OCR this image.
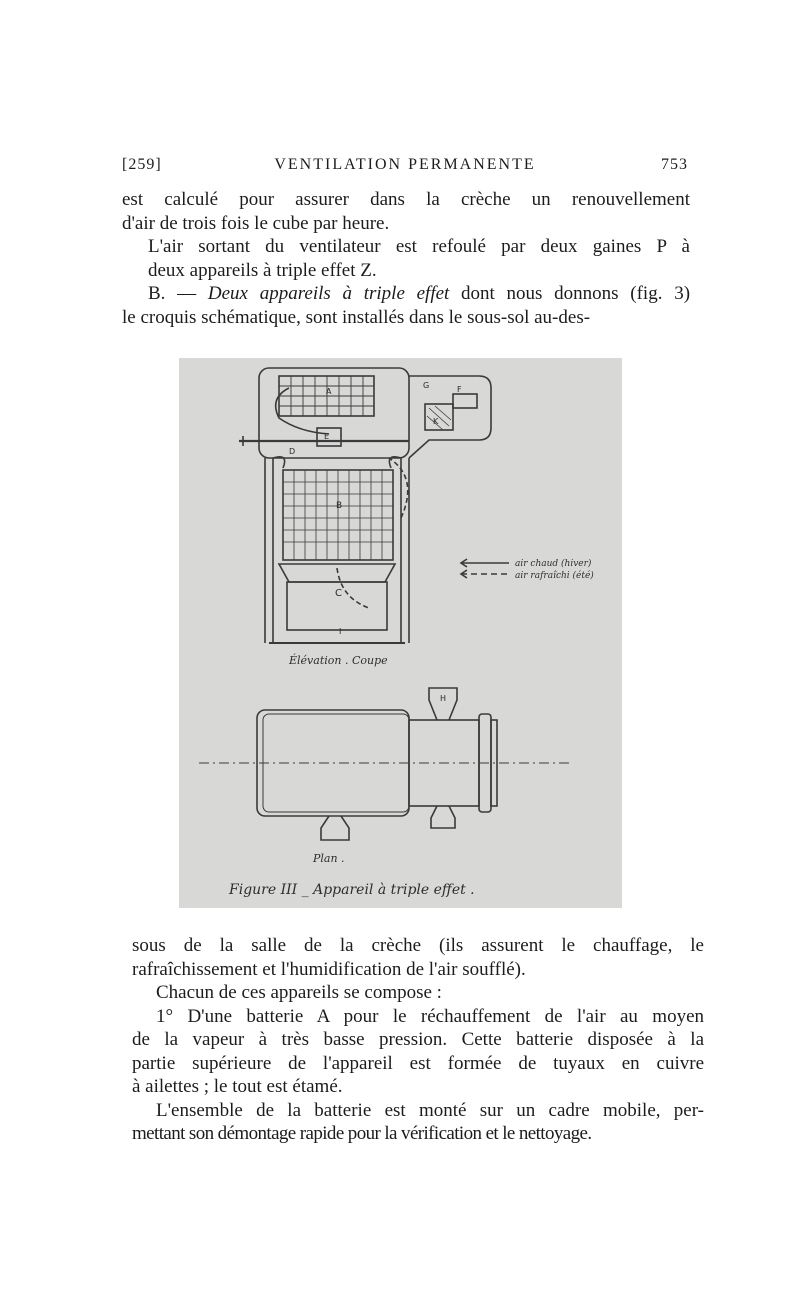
[259]	VENTILATION PERMANENTE	753

est calculé pour assurer dans la crèche un renouvellement
d'air de trois fois le cube par heure.

L'air sortant du ventilateur est refoulé par deux gaines P à
deux appareils à triple effet Z.

B. — Deux appareils à triple effet dont nous donnons (fig. 3)
le croquis schématique, sont installés dans le sous-sol au-des-

A
B
C
D
E
F
G
H
I
K
air chaud (hiver)
air rafraîchi (été)
Élévation . Coupe
Plan .
Figure III _ Appareil à triple effet .

sous de la salle de la crèche (ils assurent le chauffage, le
rafraîchissement et l'humidification de l'air soufflé).

Chacun de ces appareils se compose :

1° D'une batterie A pour le réchauffement de l'air au moyen
de la vapeur à très basse pression. Cette batterie disposée à la
partie supérieure de l'appareil est formée de tuyaux en cuivre
à ailettes ; le tout est étamé.

L'ensemble de la batterie est monté sur un cadre mobile, per-
mettant son démontage rapide pour la vérification et le nettoyage.
